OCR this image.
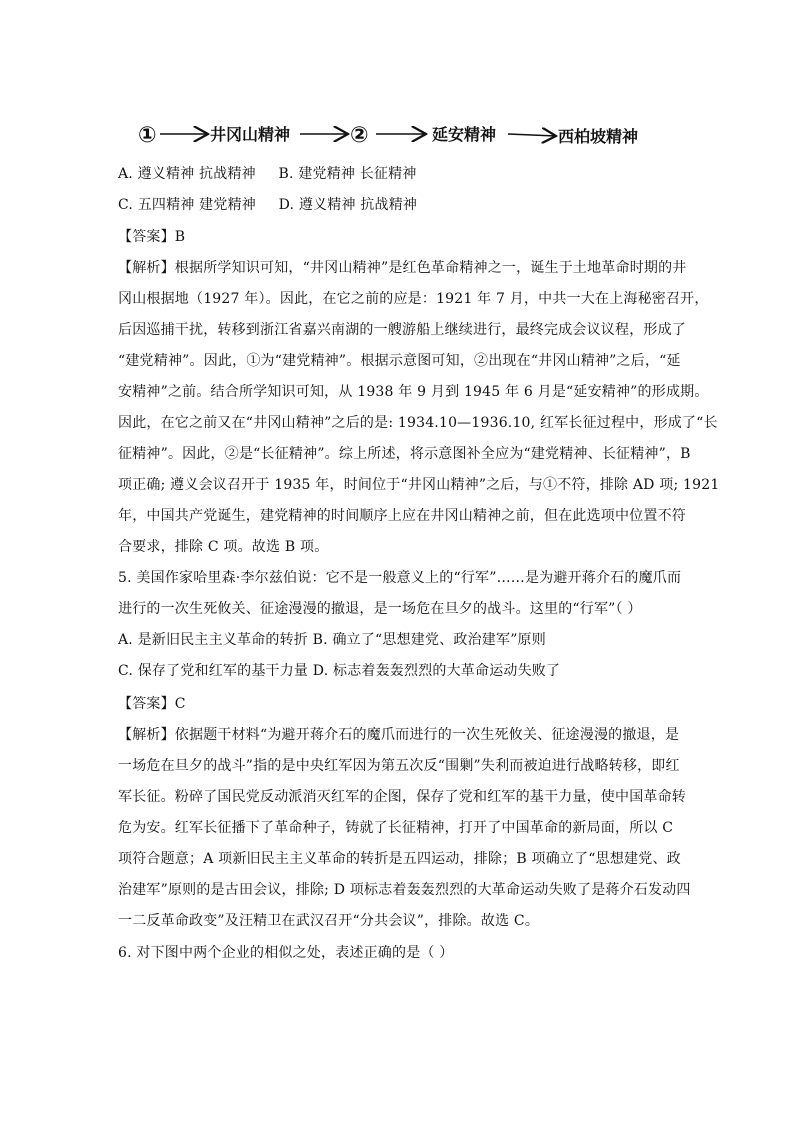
①	井冈山精神	②	延安精神	西柏坡精神
A. 遵义精神 抗战精神 B. 建党精神 长征精神
C. 五四精神 建党精神 D. 遵义精神 抗战精神
【答案】B
【解析】根据所学知识可知，“井冈山精神”是红色革命精神之一，诞生于土地革命时期的井
冈山根据地（1927 年）。因此，在它之前的应是：1921 年 7 月，中共一大在上海秘密召开，
后因巡捕干扰，转移到浙江省嘉兴南湖的一艘游船上继续进行，最终完成会议议程，形成了
“建党精神”。因此，①为“建党精神”。根据示意图可知，②出现在“井冈山精神”之后，“延
安精神”之前。结合所学知识可知，从 1938 年 9 月到 1945 年 6 月是“延安精神”的形成期。
因此，在它之前又在“井冈山精神”之后的是: 1934.10—1936.10, 红军长征过程中，形成了“长
征精神”。因此，②是“长征精神”。综上所述，将示意图补全应为“建党精神、长征精神”，B
项正确; 遵义会议召开于 1935 年，时间位于“井冈山精神”之后，与①不符，排除 AD 项; 1921
年，中国共产党诞生，建党精神的时间顺序上应在井冈山精神之前，但在此选项中位置不符
合要求，排除 C 项。故选 B 项。
5. 美国作家哈里森·李尔兹伯说：它不是一般意义上的“行军”……是为避开蒋介石的魔爪而
进行的一次生死攸关、征途漫漫的撤退，是一场危在旦夕的战斗。这里的“行军”（ ）
A. 是新旧民主主义革命的转折 B. 确立了“思想建党、政治建军”原则
C. 保存了党和红军的基干力量 D. 标志着轰轰烈烈的大革命运动失败了
【答案】C
【解析】依据题干材料“为避开蒋介石的魔爪而进行的一次生死攸关、征途漫漫的撤退，是
一场危在旦夕的战斗”指的是中央红军因为第五次反“围剿”失利而被迫进行战略转移，即红
军长征。粉碎了国民党反动派消灭红军的企图，保存了党和红军的基干力量，使中国革命转
危为安。红军长征播下了革命种子，铸就了长征精神，打开了中国革命的新局面，所以 C
项符合题意；A 项新旧民主主义革命的转折是五四运动，排除；B 项确立了“思想建党、政
治建军”原则的是古田会议，排除; D 项标志着轰轰烈烈的大革命运动失败了是蒋介石发动四
一二反革命政变”及汪精卫在武汉召开“分共会议”，排除。故选 C。
6. 对下图中两个企业的相似之处，表述正确的是（ ）
